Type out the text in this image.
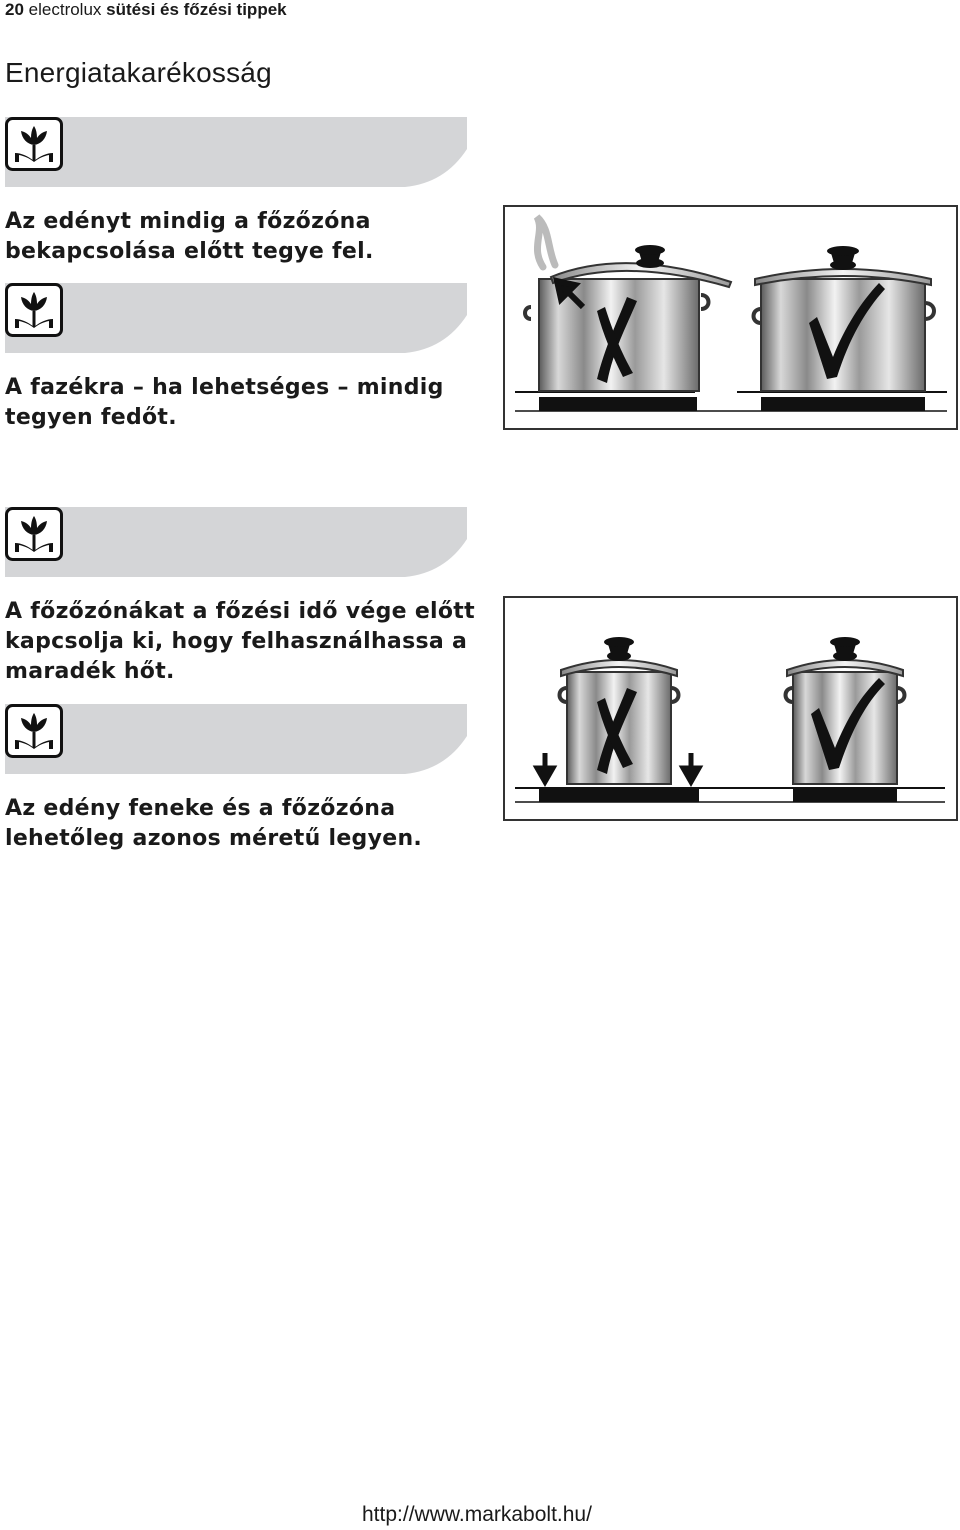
20 electrolux sütési és főzési tippek
Energiatakarékosság
Az edényt mindig a főzőzóna
bekapcsolása előtt tegye fel.
A fazékra – ha lehetséges – mindig
tegyen fedőt.
A főzőzónákat a főzési idő vége előtt
kapcsolja ki, hogy felhasználhassa a
maradék hőt.
Az edény feneke és a főzőzóna
lehetőleg azonos méretű legyen.
http://www.markabolt.hu/
